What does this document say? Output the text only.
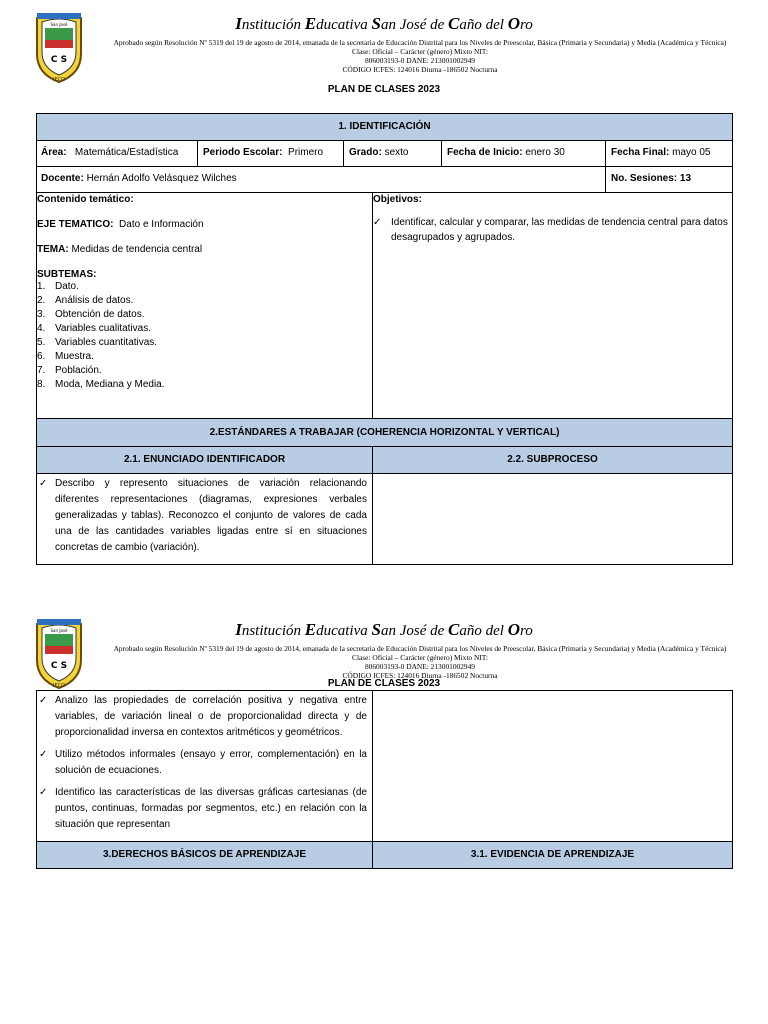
San José
C S
IECO
Institución Educativa San José de Caño del Oro
Aprobado según Resolución Nº 5319 del 19 de agosto de 2014, emanada de la secretaria de Educación Distrital para los Niveles de Preescolar, Básica (Primaria y Secundaria) y Media (Académica y Técnica)
Clase: Oficial – Carácter (género) Mixto NIT:
806003193-0 DANE: 213001002949
CÓDIGO ICFES: 124016 Diurna -186502 Nocturna
PLAN DE CLASES 2023
1. IDENTIFICACIÓN
Área: Matemática/Estadística Periodo Escolar: Primero	Grado: sexto	Fecha de Inicio: enero 30	Fecha Final: mayo 05
Docente: Hernán Adolfo Velásquez Wilches	No. Sesiones: 13
Contenido temático:
EJE TEMATICO: Dato e Información
TEMA: Medidas de tendencia central
SUBTEMAS:
1. Dato.
2. Análisis de datos.
3. Obtención de datos.
4. Variables cualitativas.
5. Variables cuantitativas.
6. Muestra.
7. Población.
8. Moda, Mediana y Media.
Objetivos:
✓ Identificar, calcular y comparar, las medidas de tendencia central para datos desagrupados y agrupados.
2.ESTÁNDARES A TRABAJAR (COHERENCIA HORIZONTAL Y VERTICAL)
2.1. ENUNCIADO IDENTIFICADOR	2.2. SUBPROCESO
✓ Describo y represento situaciones de variación relacionando diferentes representaciones (diagramas, expresiones verbales generalizadas y tablas). Reconozco el conjunto de valores de cada una de las cantidades variables ligadas entre sí en situaciones concretas de cambio (variación).
San José
C S
IECO
Institución Educativa San José de Caño del Oro
Aprobado según Resolución Nº 5319 del 19 de agosto de 2014, emanada de la secretaria de Educación Distrital para los Niveles de Preescolar, Básica (Primaria y Secundaria) y Media (Académica y Técnica)
Clase: Oficial – Carácter (género) Mixto NIT:
806003193-0 DANE: 213001002949
CÓDIGO ICFES: 124016 Diurna -186502 Nocturna
PLAN DE CLASES 2023
✓ Analizo las propiedades de correlación positiva y negativa entre variables, de variación lineal o de proporcionalidad directa y de proporcionalidad inversa en contextos aritméticos y geométricos.
✓ Utilizo métodos informales (ensayo y error, complementación) en la solución de ecuaciones.
✓ Identifico las características de las diversas gráficas cartesianas (de puntos, continuas, formadas por segmentos, etc.) en relación con la situación que representan
3.DERECHOS BÁSICOS DE APRENDIZAJE	3.1. EVIDENCIA DE APRENDIZAJE
